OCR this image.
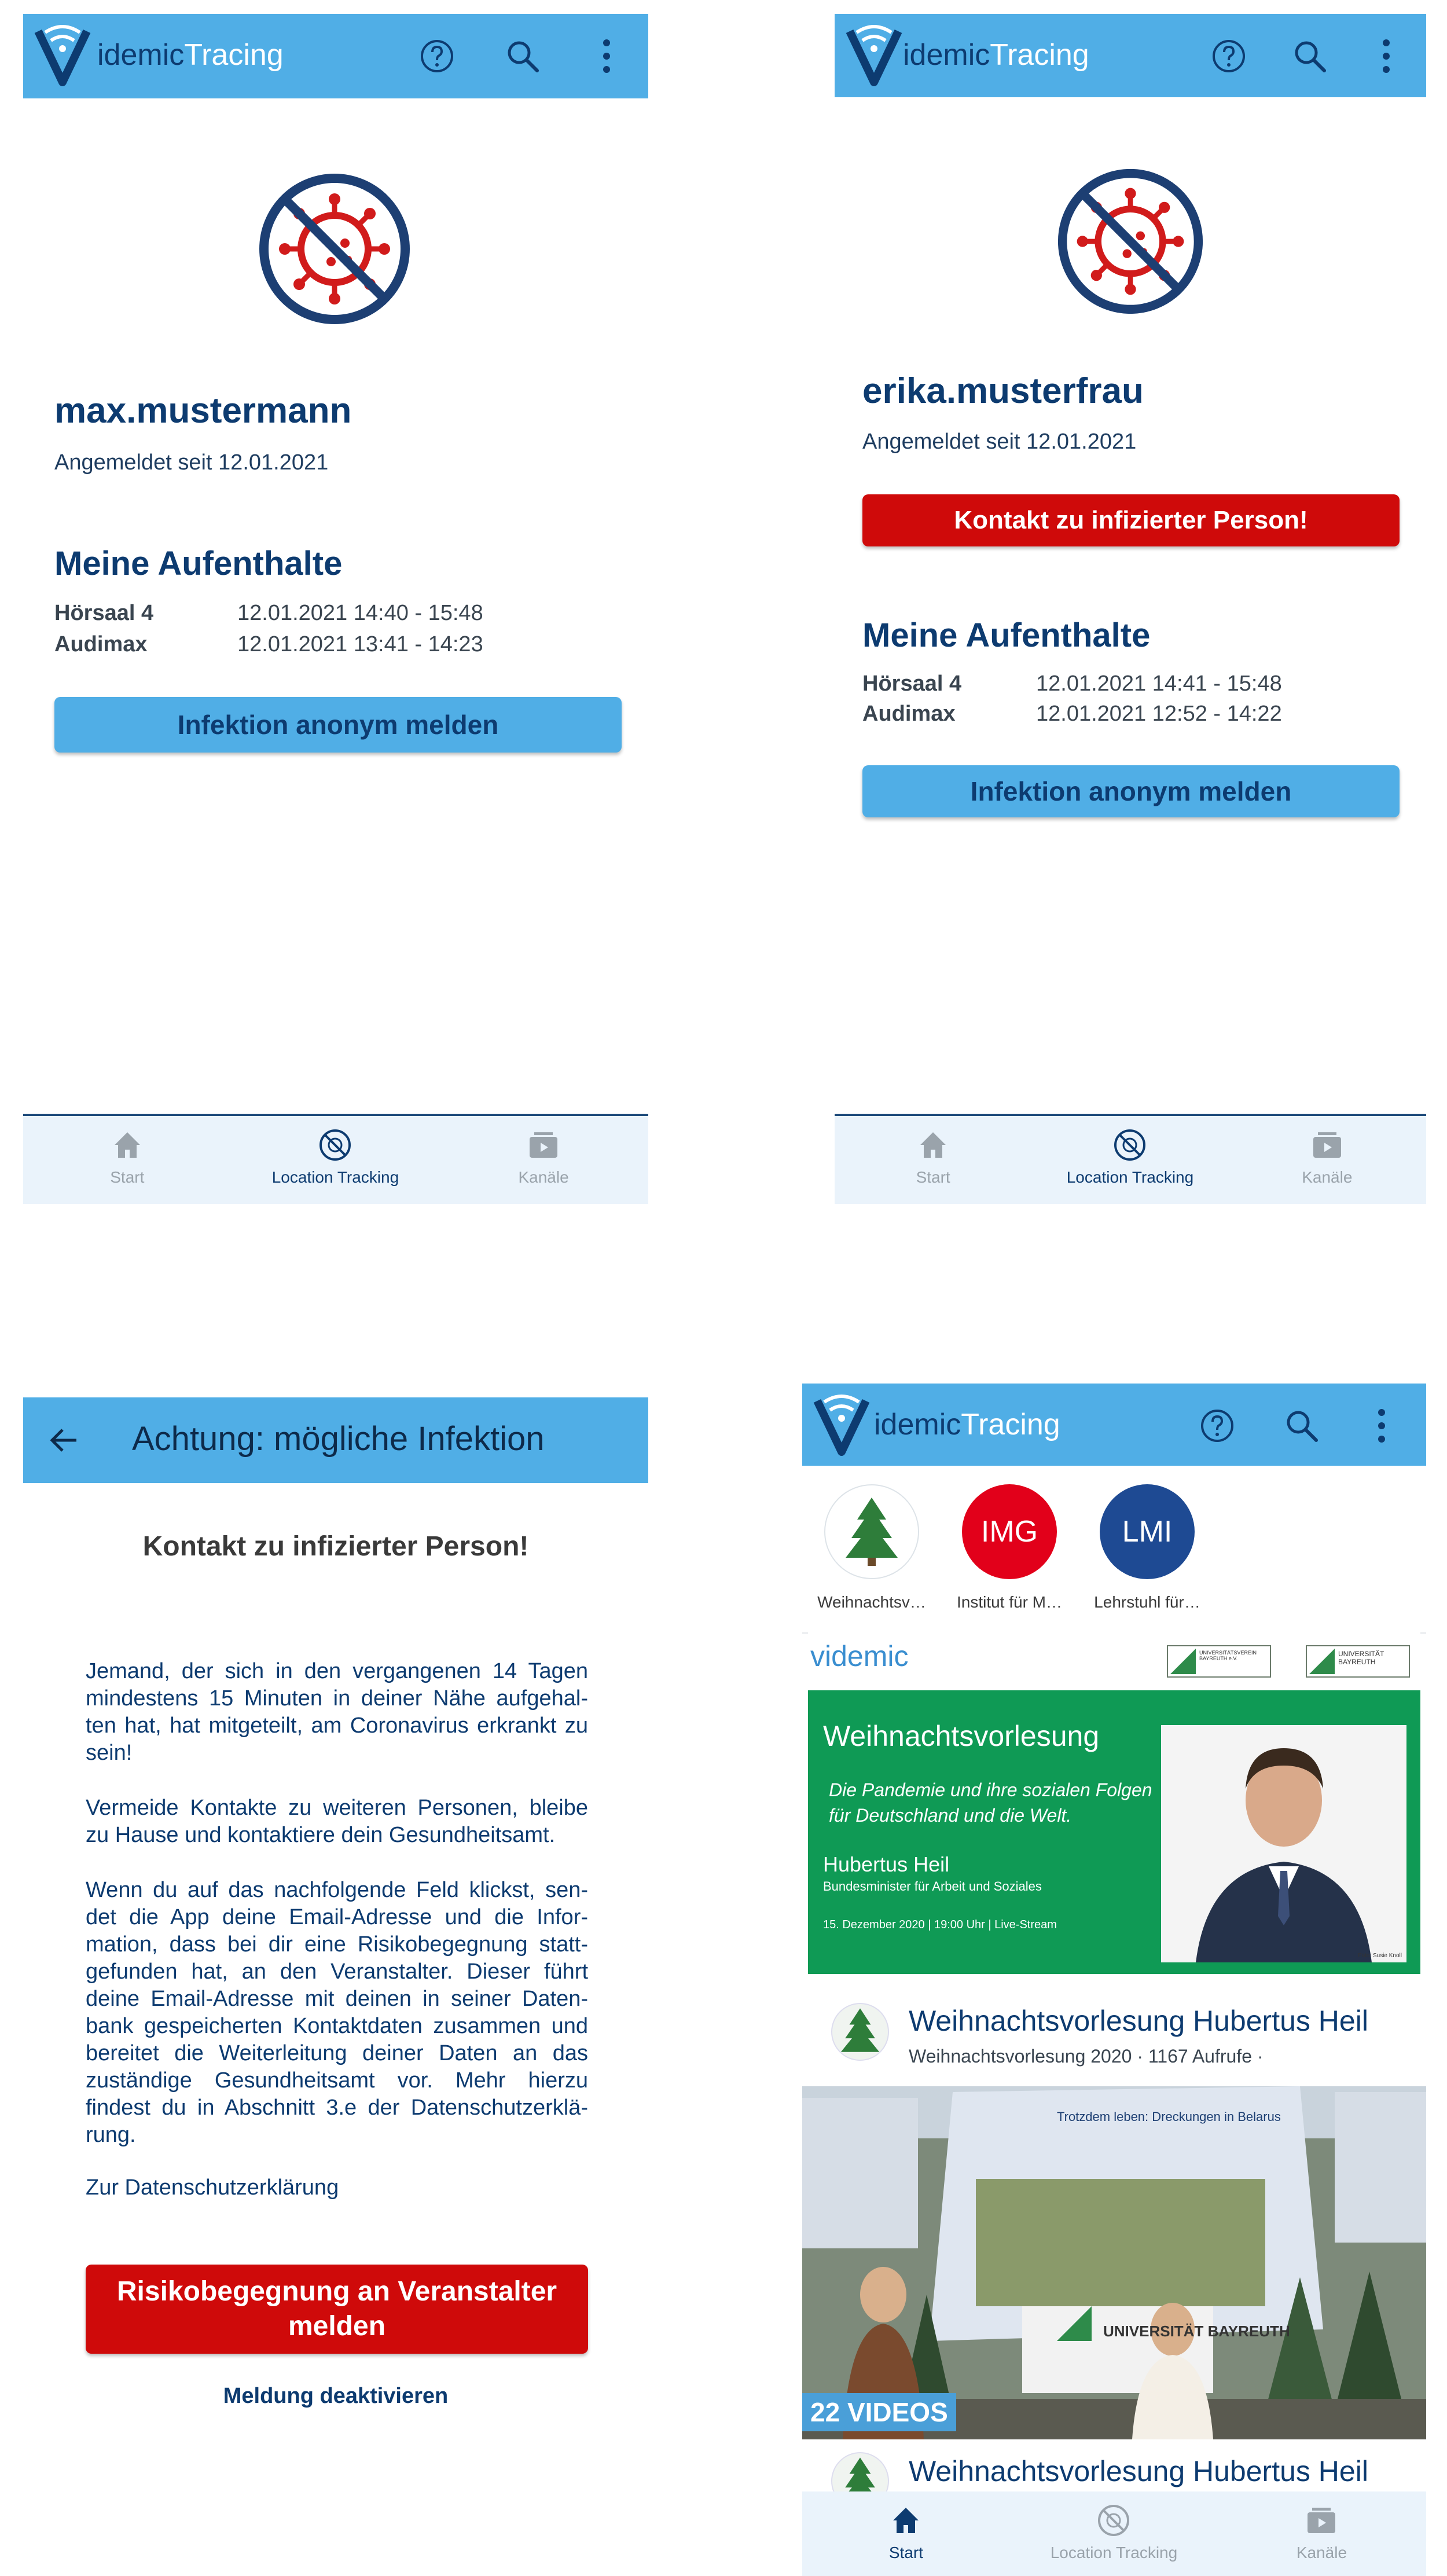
idemicTracing
max.mustermann
Angemeldet seit 12.01.2021
Meine Aufenthalte
Hörsaal 4	12.01.2021 14:40 - 15:48
Audimax	12.01.2021 13:41 - 14:23
Infektion anonym melden
Start	Location Tracking	Kanäle
idemicTracing
erika.musterfrau
Angemeldet seit 12.01.2021
Kontakt zu infizierter Person!
Meine Aufenthalte
Hörsaal 4	12.01.2021 14:41 - 15:48
Audimax	12.01.2021 12:52 - 14:22
Infektion anonym melden
Start	Location Tracking	Kanäle
Achtung: mögliche Infektion
Kontakt zu infizierter Person!

Jemand, der sich in den vergangenen 14 Tagen mindestens 15 Minuten in deiner Nähe aufgehal-ten hat, hat mitgeteilt, am Coronavirus erkrankt zu sein!

Vermeide Kontakte zu weiteren Personen, bleibe zu Hause und kontaktiere dein Gesundheitsamt.

Wenn du auf das nachfolgende Feld klickst, sen-det die App deine Email-Adresse und die Infor-mation, dass bei dir eine Risikobegegnung statt-gefunden hat, an den Veranstalter. Dieser führt deine Email-Adresse mit deinen in seiner Daten-bank gespeicherten Kontaktdaten zusammen und bereitet die Weiterleitung deiner Daten an das zuständige Gesundheitsamt vor. Mehr hierzu findest du in Abschnitt 3.e der Datenschutzerklä-rung.

Zur Datenschutzerklärung
Risikobegegnung an Veranstalter melden
Meldung deaktivieren
idemicTracing
Weihnachtsv…
IMG
Institut für M…
LMI
Lehrstuhl für…
videmic	UNIVERSITÄTSVEREIN BAYREUTH e.V.
UNIVERSITÄT BAYREUTH
Weihnachtsvorlesung
Die Pandemie und ihre sozialen Folgen für Deutschland und die Welt.
Hubertus Heil
Bundesminister für Arbeit und Soziales
15. Dezember 2020 | 19:00 Uhr | Live-Stream
Foto: Susie Knoll
Weihnachtsvorlesung Hubertus Heil
Weihnachtsvorlesung 2020 · 1167 Aufrufe ·
Trotzdem leben: Dreckungen in Belarus
UNIVERSITÄT BAYREUTH
22 VIDEOS
Weihnachtsvorlesung Hubertus Heil
Start	Location Tracking	Kanäle
